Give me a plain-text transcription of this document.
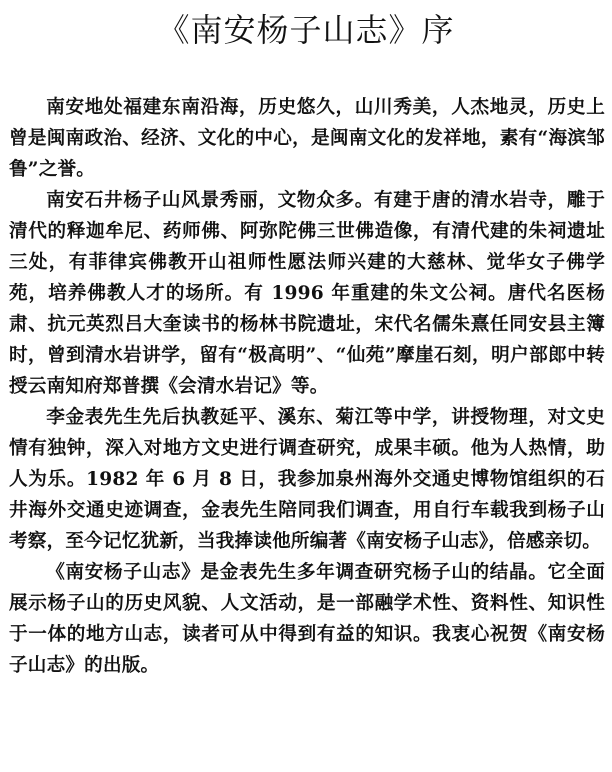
《南安杨子山志》序

南安地处福建东南沿海，历史悠久，山川秀美，人杰地灵，历史上曾是闽南政治、经济、文化的中心，是闽南文化的发祥地，素有“海滨邹鲁”之誉。

南安石井杨子山风景秀丽，文物众多。有建于唐的清水岩寺，雕于清代的释迦牟尼、药师佛、阿弥陀佛三世佛造像，有清代建的朱祠遗址三处，有菲律宾佛教开山祖师性愿法师兴建的大慈林、觉华女子佛学苑，培养佛教人才的场所。有 1996 年重建的朱文公祠。唐代名医杨肃、抗元英烈吕大奎读书的杨林书院遗址，宋代名儒朱熹任同安县主簿时，曾到清水岩讲学，留有“极高明”、“仙苑”摩崖石刻，明户部郎中转授云南知府郑普撰《会清水岩记》等。

李金表先生先后执教延平、溪东、菊江等中学，讲授物理，对文史情有独钟，深入对地方文史进行调查研究，成果丰硕。他为人热情，助人为乐。1982 年 6 月 8 日，我参加泉州海外交通史博物馆组织的石井海外交通史迹调查，金表先生陪同我们调查，用自行车载我到杨子山考察，至今记忆犹新，当我捧读他所编著《南安杨子山志》，倍感亲切。

《南安杨子山志》是金表先生多年调查研究杨子山的结晶。它全面展示杨子山的历史风貌、人文活动，是一部融学术性、资料性、知识性于一体的地方山志，读者可从中得到有益的知识。我衷心祝贺《南安杨子山志》的出版。
